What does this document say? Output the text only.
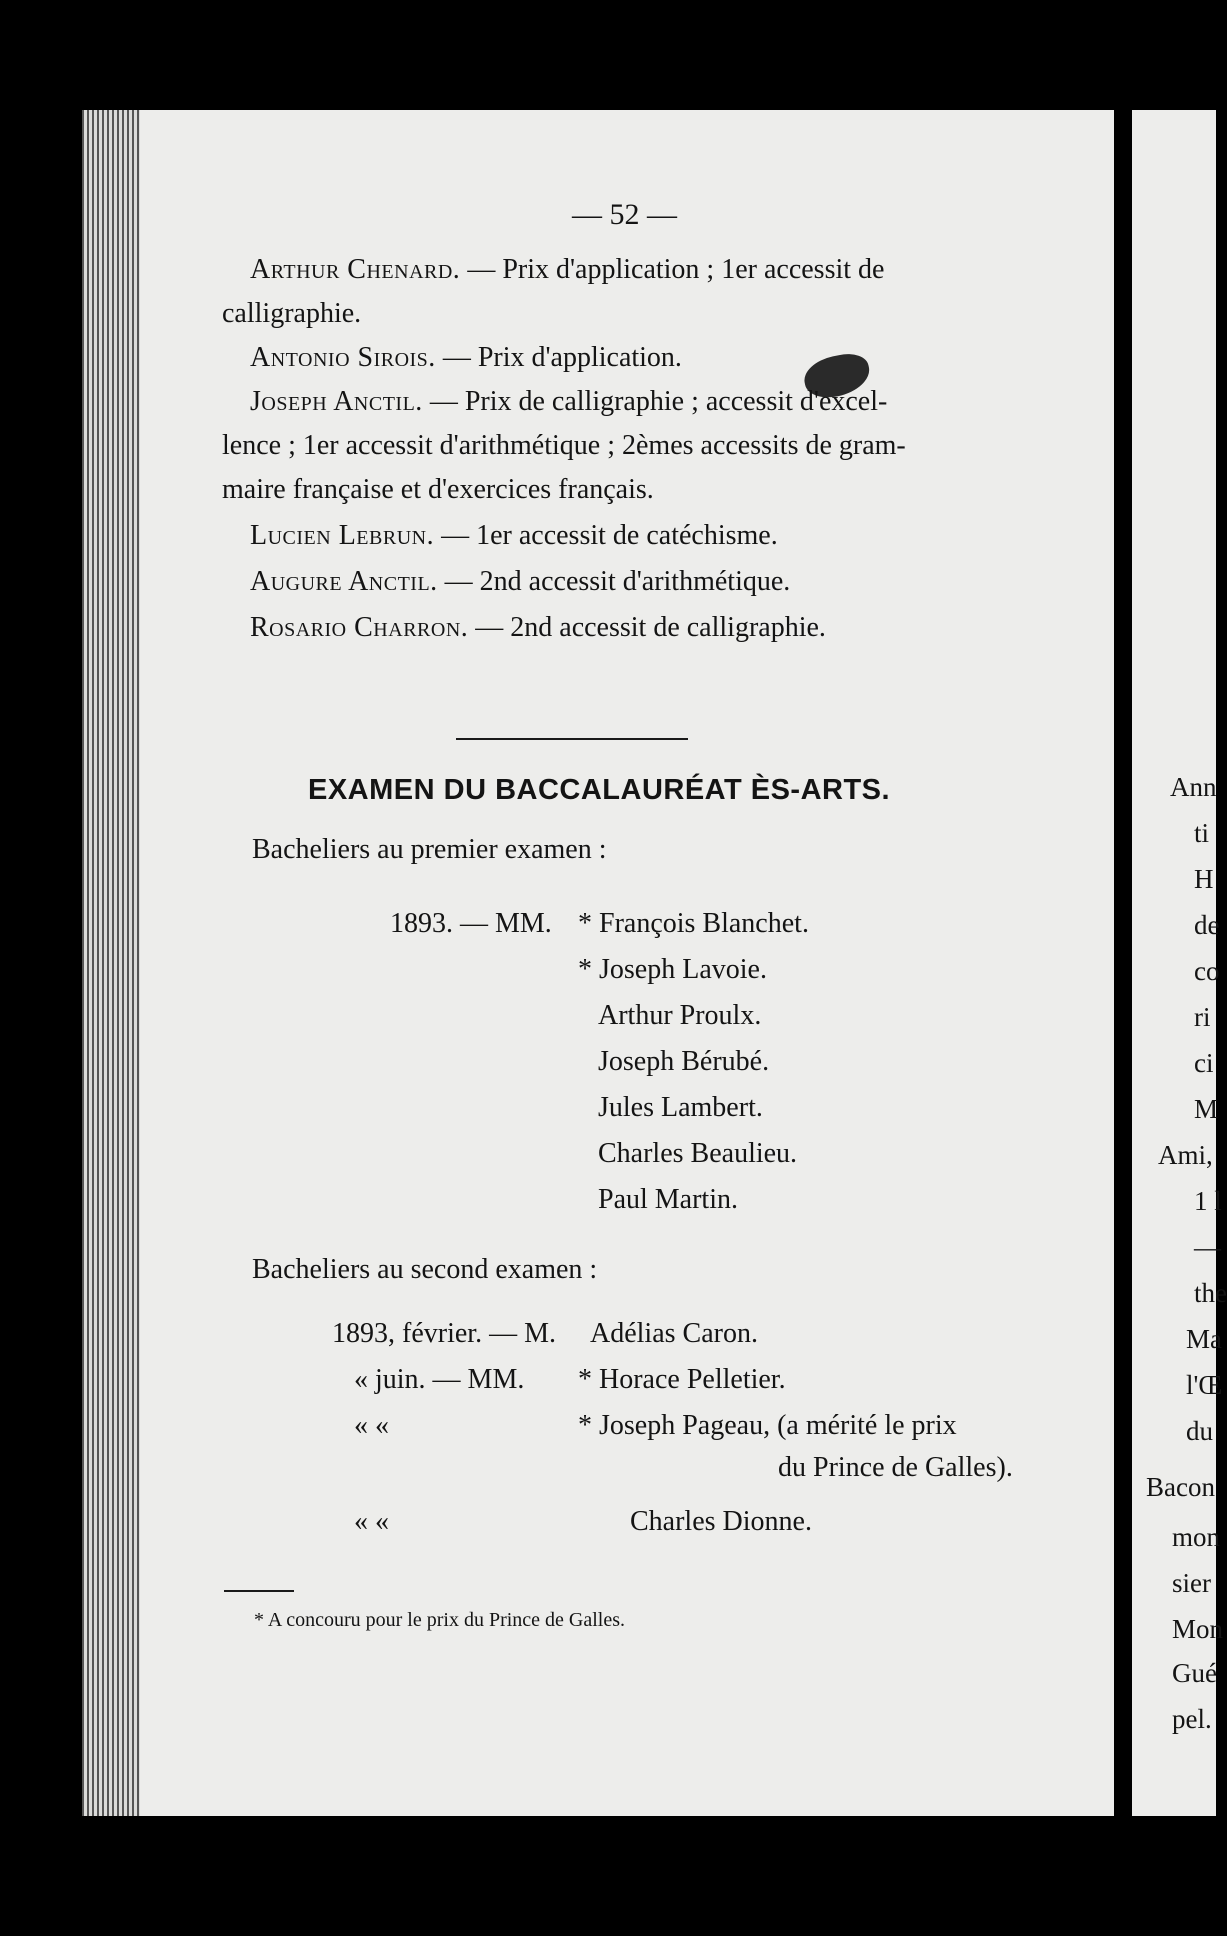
— 52 —
Arthur Chenard. — Prix d'application ; 1er accessit de
calligraphie.
Antonio Sirois. — Prix d'application.
Joseph Anctil. — Prix de calligraphie ; accessit d'excel-
lence ; 1er accessit d'arithmétique ; 2èmes accessits de gram-
maire française et d'exercices français.
Lucien Lebrun. — 1er accessit de catéchisme.
Augure Anctil. — 2nd accessit d'arithmétique.
Rosario Charron. — 2nd accessit de calligraphie.
EXAMEN DU BACCALAURÉAT ÈS-ARTS.
Bacheliers au premier examen :
1893. — MM. * François Blanchet.
* Joseph Lavoie.
Arthur Proulx.
Joseph Bérubé.
Jules Lambert.
Charles Beaulieu.
Paul Martin.
Bacheliers au second examen :
1893, février. — M. Adélias Caron.
« juin. — MM. * Horace Pelletier.
« «	* Joseph Pageau, (a mérité le prix
du Prince de Galles).
« «	Charles Dionne.
* A concouru pour le prix du Prince de Galles.
Ann
ti
H
de
co
ri
ci
M
Ami,
1 l
—
the
Ma
l'Œ
du
Bacon
mon
sier
Mon
Gué
pel.
